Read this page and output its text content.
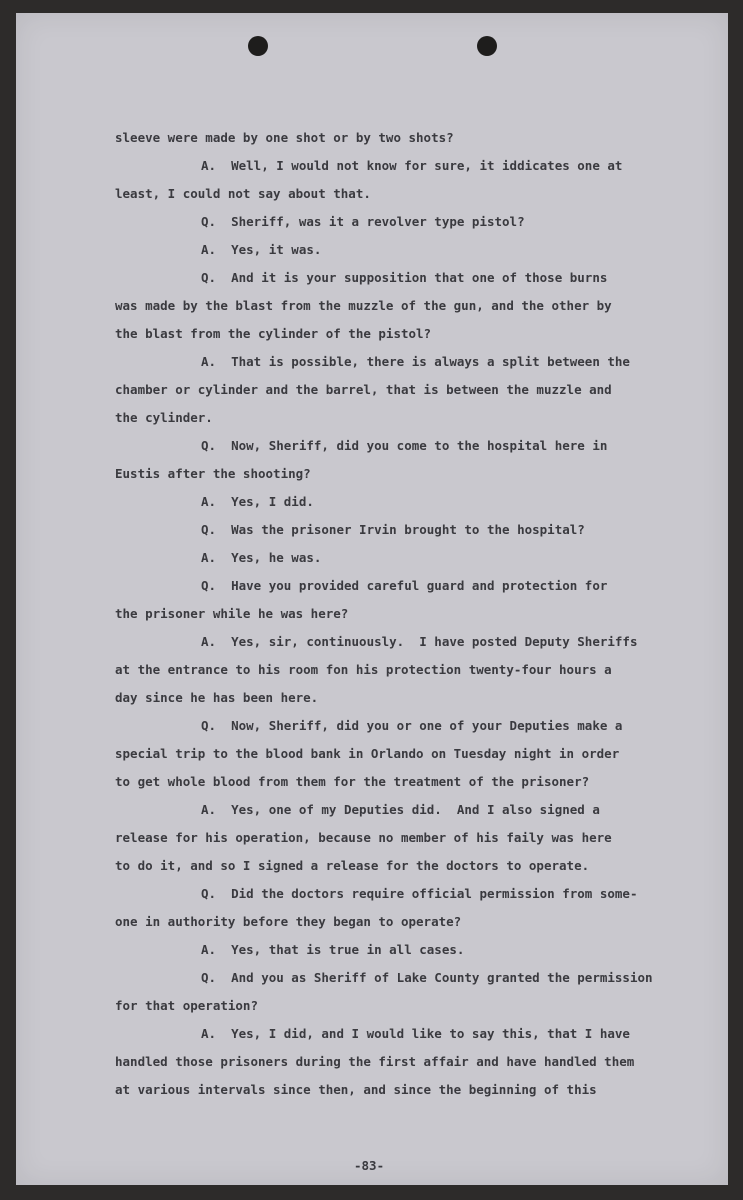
sleeve were made by one shot or by two shots?
A.  Well, I would not know for sure, it iddicates one at
least, I could not say about that.
Q.  Sheriff, was it a revolver type pistol?
A.  Yes, it was.
Q.  And it is your supposition that one of those burns
was made by the blast from the muzzle of the gun, and the other by
the blast from the cylinder of the pistol?
A.  That is possible, there is always a split between the
chamber or cylinder and the barrel, that is between the muzzle and
the cylinder.
Q.  Now, Sheriff, did you come to the hospital here in
Eustis after the shooting?
A.  Yes, I did.
Q.  Was the prisoner Irvin brought to the hospital?
A.  Yes, he was.
Q.  Have you provided careful guard and protection for
the prisoner while he was here?
A.  Yes, sir, continuously.  I have posted Deputy Sheriffs
at the entrance to his room fon his protection twenty-four hours a
day since he has been here.
Q.  Now, Sheriff, did you or one of your Deputies make a
special trip to the blood bank in Orlando on Tuesday night in order
to get whole blood from them for the treatment of the prisoner?
A.  Yes, one of my Deputies did.  And I also signed a
release for his operation, because no member of his faily was here
to do it, and so I signed a release for the doctors to operate.
Q.  Did the doctors require official permission from some-
one in authority before they began to operate?
A.  Yes, that is true in all cases.
Q.  And you as Sheriff of Lake County granted the permission
for that operation?
A.  Yes, I did, and I would like to say this, that I have
handled those prisoners during the first affair and have handled them
at various intervals since then, and since the beginning of this
-83-
